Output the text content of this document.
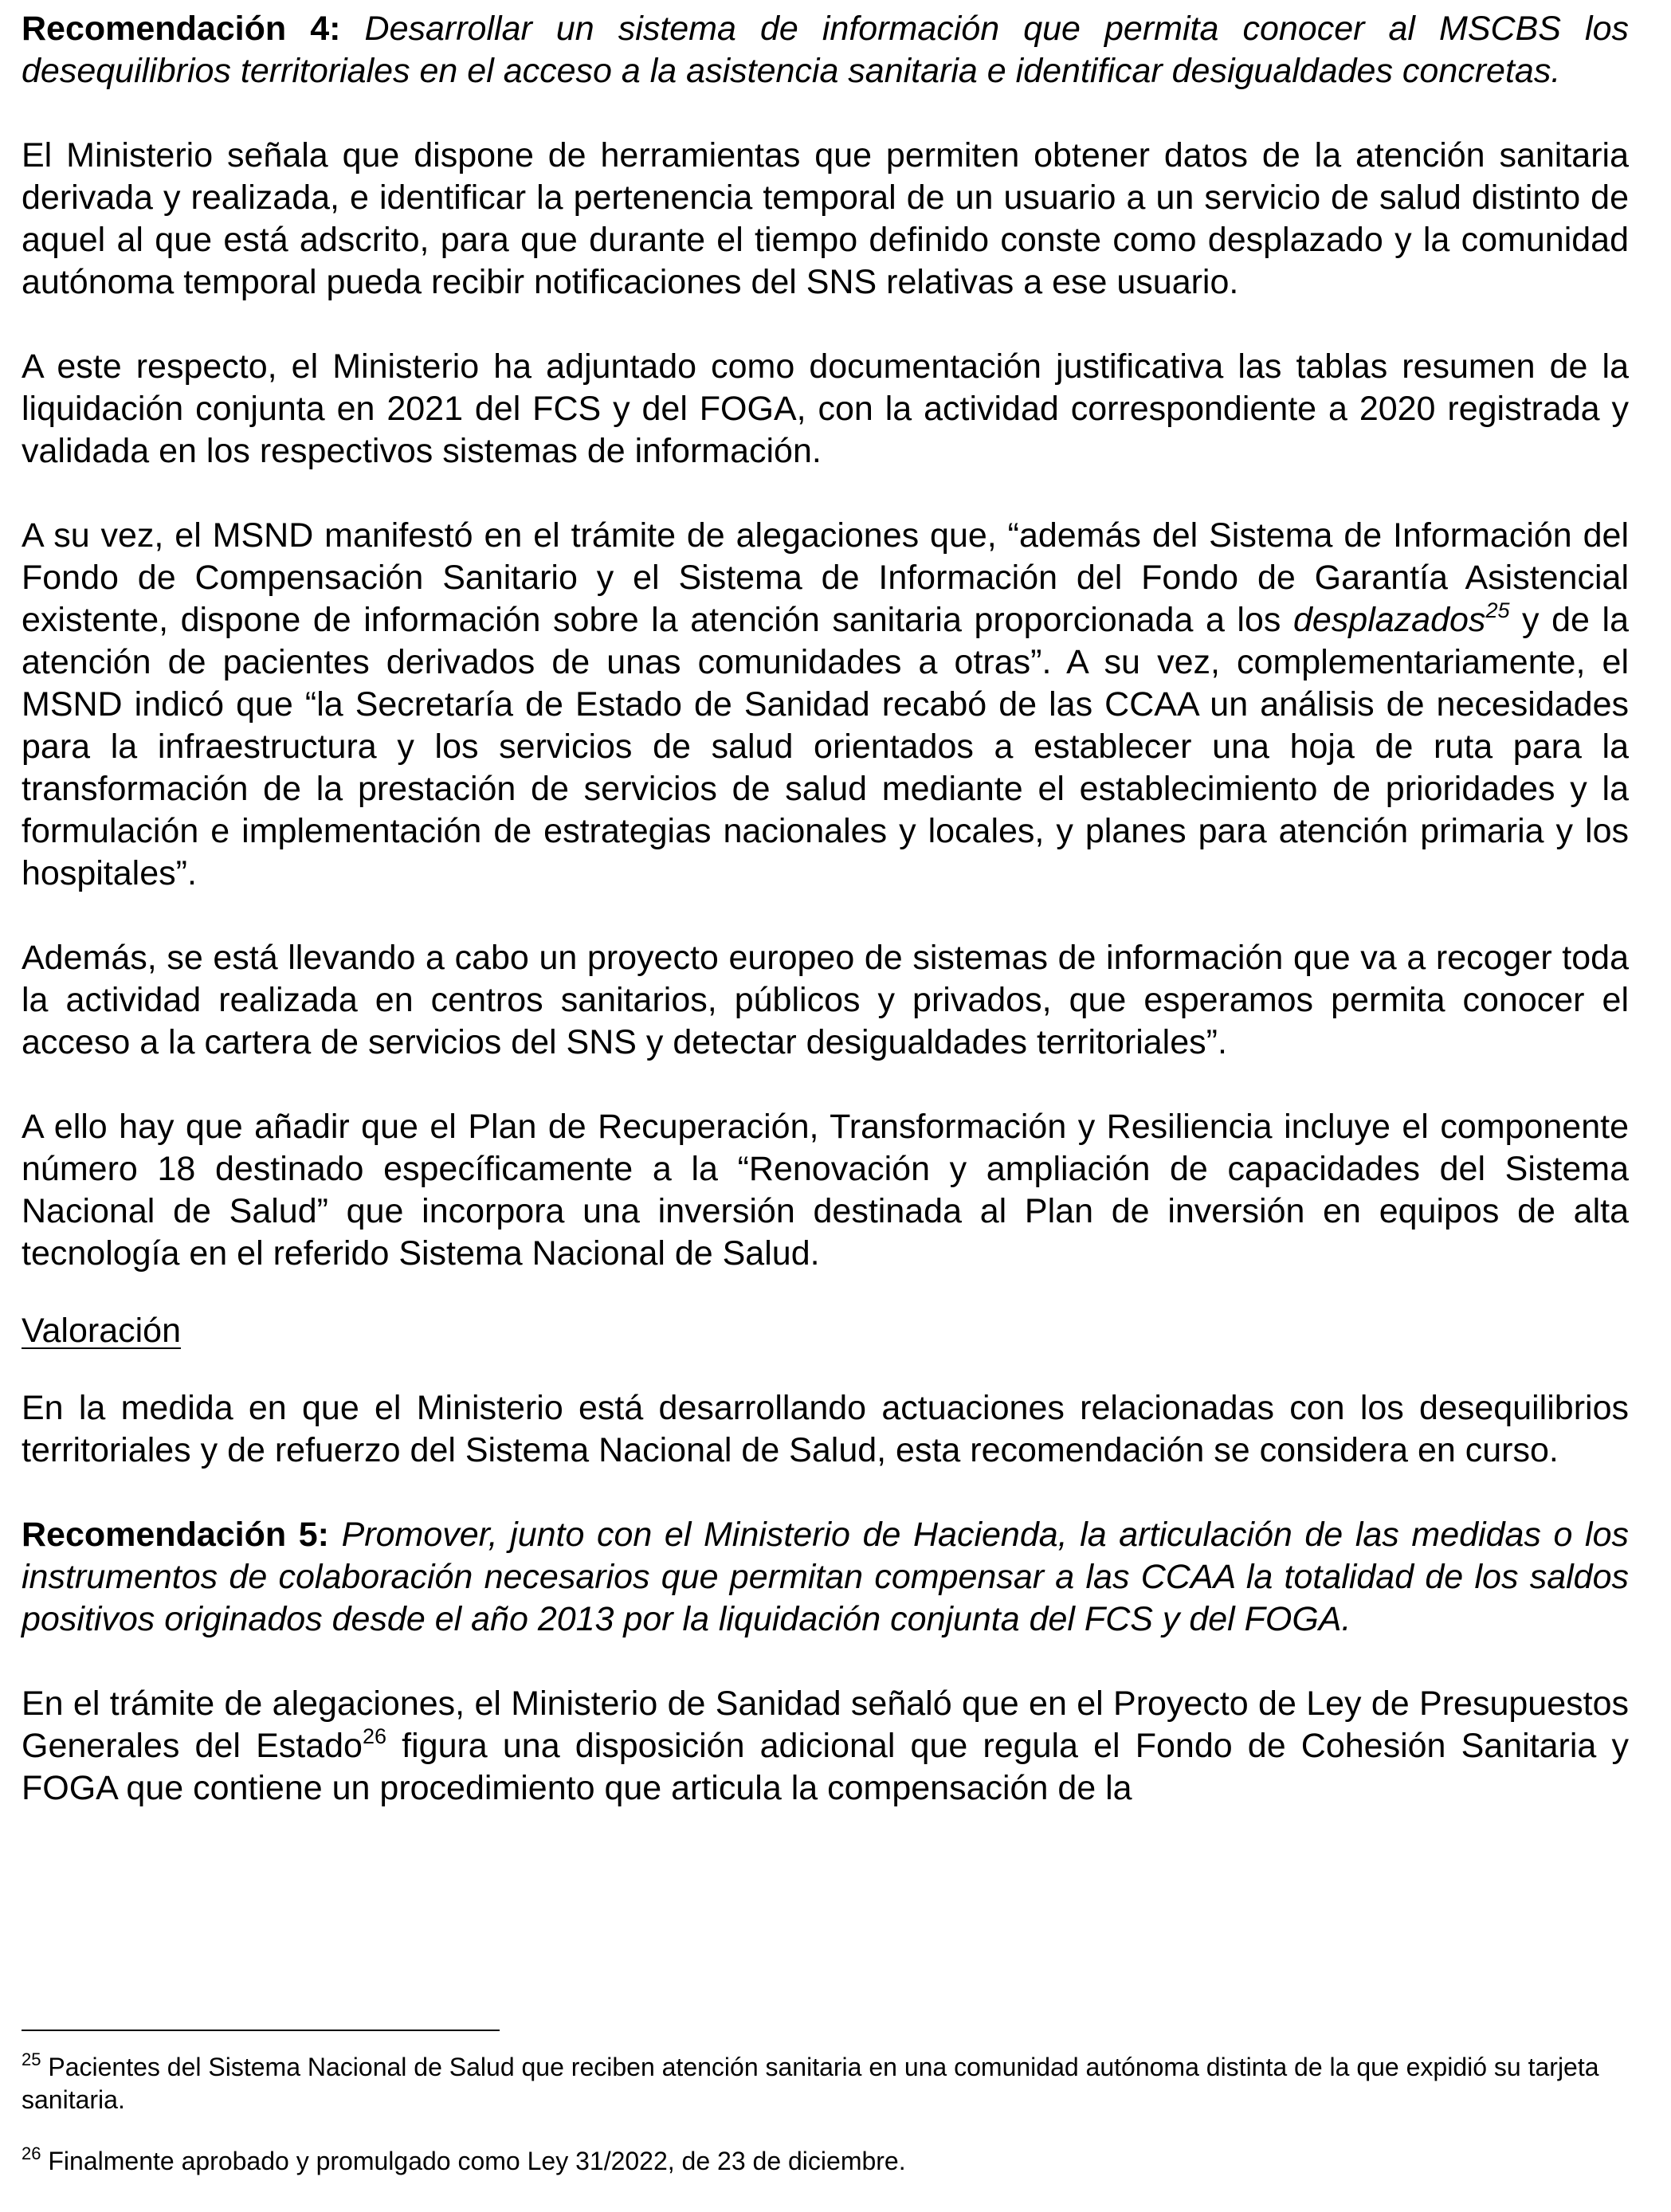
Recomendación 4: Desarrollar un sistema de información que permita conocer al MSCBS los desequilibrios territoriales en el acceso a la asistencia sanitaria e identificar desigualdades concretas.

El Ministerio señala que dispone de herramientas que permiten obtener datos de la atención sanitaria derivada y realizada, e identificar la pertenencia temporal de un usuario a un servicio de salud distinto de aquel al que está adscrito, para que durante el tiempo definido conste como desplazado y la comunidad autónoma temporal pueda recibir notificaciones del SNS relativas a ese usuario.

A este respecto, el Ministerio ha adjuntado como documentación justificativa las tablas resumen de la liquidación conjunta en 2021 del FCS y del FOGA, con la actividad correspondiente a 2020 registrada y validada en los respectivos sistemas de información.

A su vez, el MSND manifestó en el trámite de alegaciones que, “además del Sistema de Información del Fondo de Compensación Sanitario y el Sistema de Información del Fondo de Garantía Asistencial existente, dispone de información sobre la atención sanitaria proporcionada a los desplazados$^{25}$ y de la atención de pacientes derivados de unas comunidades a otras”. A su vez, complementariamente, el MSND indicó que “la Secretaría de Estado de Sanidad recabó de las CCAA un análisis de necesidades para la infraestructura y los servicios de salud orientados a establecer una hoja de ruta para la transformación de la prestación de servicios de salud mediante el establecimiento de prioridades y la formulación e implementación de estrategias nacionales y locales, y planes para atención primaria y los hospitales”.

Además, se está llevando a cabo un proyecto europeo de sistemas de información que va a recoger toda la actividad realizada en centros sanitarios, públicos y privados, que esperamos permita conocer el acceso a la cartera de servicios del SNS y detectar desigualdades territoriales”.

A ello hay que añadir que el Plan de Recuperación, Transformación y Resiliencia incluye el componente número 18 destinado específicamente a la “Renovación y ampliación de capacidades del Sistema Nacional de Salud” que incorpora una inversión destinada al Plan de inversión en equipos de alta tecnología en el referido Sistema Nacional de Salud.

Valoración

En la medida en que el Ministerio está desarrollando actuaciones relacionadas con los desequilibrios territoriales y de refuerzo del Sistema Nacional de Salud, esta recomendación se considera en curso.

Recomendación 5: Promover, junto con el Ministerio de Hacienda, la articulación de las medidas o los instrumentos de colaboración necesarios que permitan compensar a las CCAA la totalidad de los saldos positivos originados desde el año 2013 por la liquidación conjunta del FCS y del FOGA.

En el trámite de alegaciones, el Ministerio de Sanidad señaló que en el Proyecto de Ley de Presupuestos Generales del Estado$^{26}$ figura una disposición adicional que regula el Fondo de Cohesión Sanitaria y FOGA que contiene un procedimiento que articula la compensación de la

$^{25}$ Pacientes del Sistema Nacional de Salud que reciben atención sanitaria en una comunidad autónoma distinta de la que expidió su tarjeta sanitaria.

$^{26}$ Finalmente aprobado y promulgado como Ley 31/2022, de 23 de diciembre.
